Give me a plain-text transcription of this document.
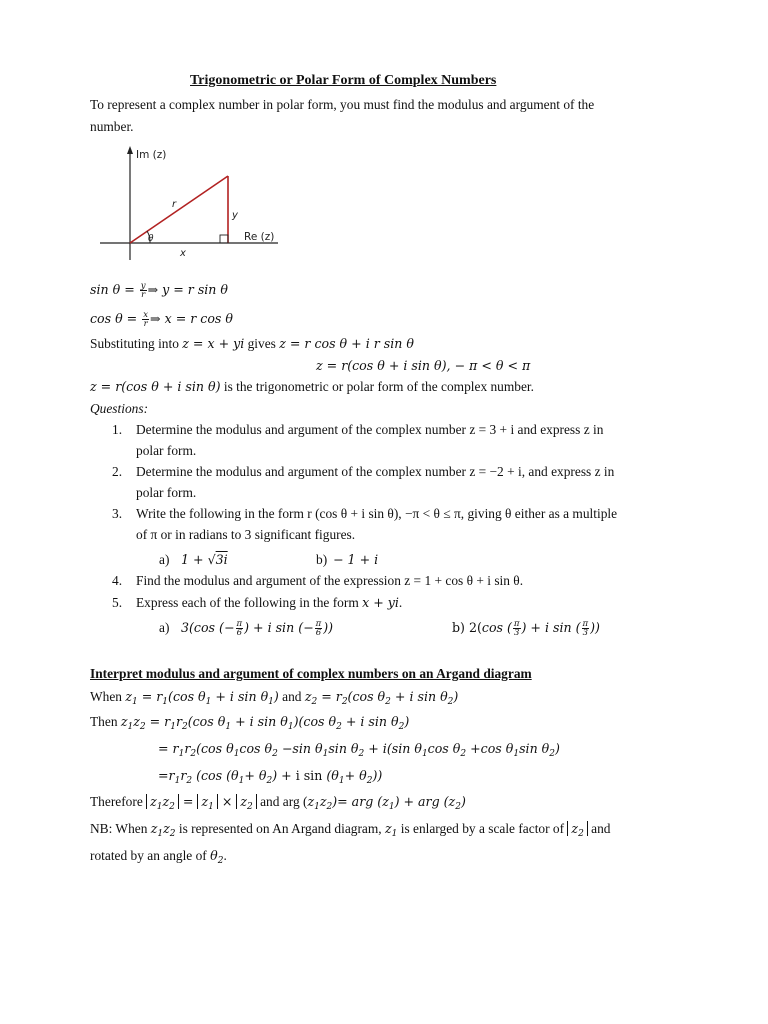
Trigonometric or Polar Form of Complex Numbers
To represent a complex number in polar form, you must find the modulus and argument of the
number.
Im (z)
Re (z)
r
y
θ
x
$\sin \theta = \frac{y}{r}$ ⇒ y = r sin θ
$\cos \theta = \frac{x}{r}$ ⇒ x = r cos θ
Substituting into z = x + yi gives z = r cos θ + i r sin θ
z = r(cos θ + i sin θ), − π < θ < π
z = r(cos θ + i sin θ) is the trigonometric or polar form of the complex number.
Questions:
1. Determine the modulus and argument of the complex number z = 3 + i and express z in
polar form.
2. Determine the modulus and argument of the complex number z = −2 + i, and express z in
polar form.
3. Write the following in the form r (cos θ + i sin θ), −π < θ ≤ π, giving θ either as a multiple
of π or in radians to 3 significant figures.
a) 1 + √3i	b) − 1 + i
4. Find the modulus and argument of the expression z = 1 + cos θ + i sin θ.
5. Express each of the following in the form x + yi.
a) 3(cos (− $\frac{\pi}{6}$ ) + i sin (− $\frac{\pi}{6}$ ))	b) 2(cos ( $\frac{\pi}{3}$ ) + i sin ( $\frac{\pi}{3}$ ))
Interpret modulus and argument of complex numbers on an Argand diagram
When $z_1 = r_1(\cos$ $\theta_1 + i$ $\sin \theta_1$) and $z_2 = r_2(\cos$ $\theta_2 + i$ $\sin \theta_2$)
Then $z_1z_2 = r_1r_2(\cos$ $\theta_1 + i$ $\sin \theta_1)(\cos$ $\theta_2 + i$ $\sin \theta_2$)
= $r_1r_2(\cos$ $\theta_1\cos$ $\theta_2 -\sin$ $\theta_1\sin$ $\theta_2 + i(\sin$ $\theta_1\cos$ $\theta_2 +\cos$ $\theta_1\sin$ $\theta_2$)
$=r_1r_2$ (cos $(\theta_1+ \theta_2) + i$ $\sin (\theta_1+ \theta_2)$)
Therefore $z_1z_2 = z_1 \times z_2$ and arg $(z_1z_2)=$ arg $(z_1)$ + arg $(z_2)$
NB: When $z_1z_2$ is represented on An Argand diagram, $z_1$ is enlarged by a scale factor of $z_2$ and
rotated by an angle of $\theta_2$.
